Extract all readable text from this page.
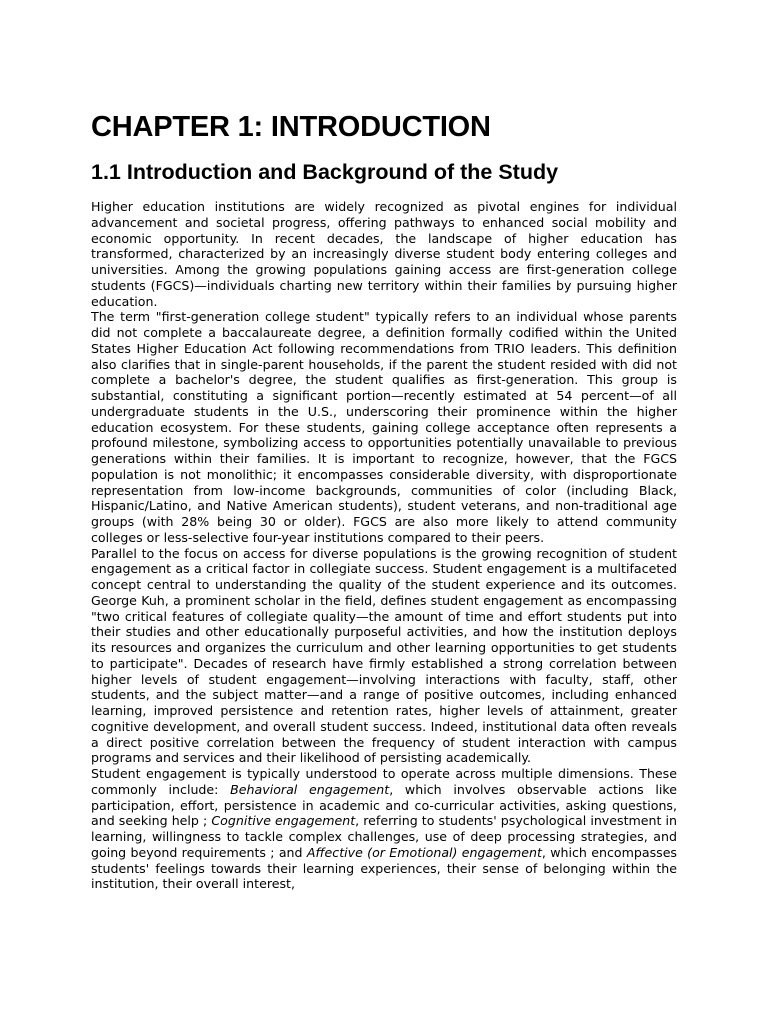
CHAPTER 1: INTRODUCTION
1.1 Introduction and Background of the Study

Higher education institutions are widely recognized as pivotal engines for individual advancement and societal progress, offering pathways to enhanced social mobility and economic opportunity. In recent decades, the landscape of higher education has transformed, characterized by an increasingly diverse student body entering colleges and universities. Among the growing populations gaining access are first-generation college students (FGCS)—individuals charting new territory within their families by pursuing higher education.

The term "first-generation college student" typically refers to an individual whose parents did not complete a baccalaureate degree, a definition formally codified within the United States Higher Education Act following recommendations from TRIO leaders. This definition also clarifies that in single-parent households, if the parent the student resided with did not complete a bachelor's degree, the student qualifies as first-generation. This group is substantial, constituting a significant portion—recently estimated at 54 percent—of all undergraduate students in the U.S., underscoring their prominence within the higher education ecosystem. For these students, gaining college acceptance often represents a profound milestone, symbolizing access to opportunities potentially unavailable to previous generations within their families. It is important to recognize, however, that the FGCS population is not monolithic; it encompasses considerable diversity, with disproportionate representation from low-income backgrounds, communities of color (including Black, Hispanic/Latino, and Native American students), student veterans, and non-traditional age groups (with 28% being 30 or older). FGCS are also more likely to attend community colleges or less-selective four-year institutions compared to their peers.

Parallel to the focus on access for diverse populations is the growing recognition of student engagement as a critical factor in collegiate success. Student engagement is a multifaceted concept central to understanding the quality of the student experience and its outcomes. George Kuh, a prominent scholar in the field, defines student engagement as encompassing "two critical features of collegiate quality—the amount of time and effort students put into their studies and other educationally purposeful activities, and how the institution deploys its resources and organizes the curriculum and other learning opportunities to get students to participate". Decades of research have firmly established a strong correlation between higher levels of student engagement—involving interactions with faculty, staff, other students, and the subject matter—and a range of positive outcomes, including enhanced learning, improved persistence and retention rates, higher levels of attainment, greater cognitive development, and overall student success. Indeed, institutional data often reveals a direct positive correlation between the frequency of student interaction with campus programs and services and their likelihood of persisting academically.

Student engagement is typically understood to operate across multiple dimensions. These commonly include: Behavioral engagement, which involves observable actions like participation, effort, persistence in academic and co-curricular activities, asking questions, and seeking help ; Cognitive engagement, referring to students' psychological investment in learning, willingness to tackle complex challenges, use of deep processing strategies, and going beyond requirements ; and Affective (or Emotional) engagement, which encompasses students' feelings towards their learning experiences, their sense of belonging within the institution, their overall interest,
